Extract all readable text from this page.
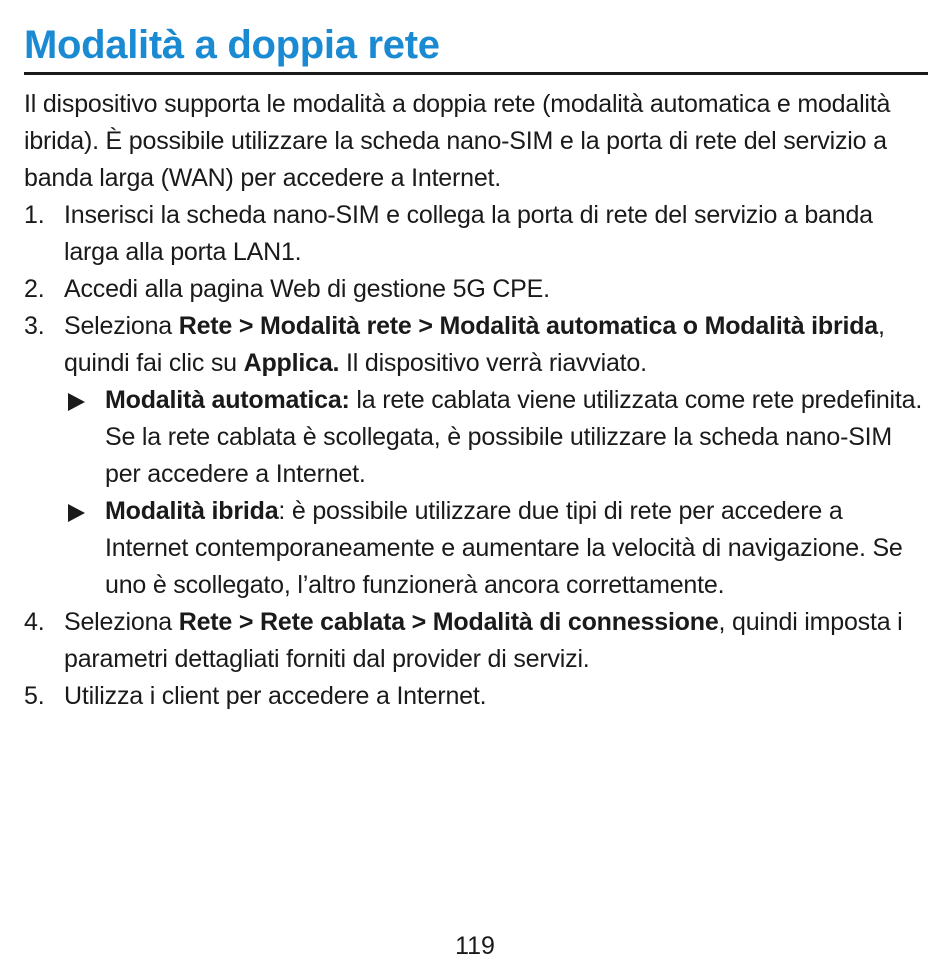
Modalità a doppia rete

Il dispositivo supporta le modalità a doppia rete (modalità automatica e modalità ibrida). È possibile utilizzare la scheda nano-SIM e la porta di rete del servizio a banda larga (WAN) per accedere a Internet.

1. Inserisci la scheda nano-SIM e collega la porta di rete del servizio a banda larga alla porta LAN1.
2. Accedi alla pagina Web di gestione 5G CPE.
3. Seleziona Rete > Modalità rete > Modalità automatica o Modalità ibrida, quindi fai clic su Applica. Il dispositivo verrà riavviato.
Modalità automatica: la rete cablata viene utilizzata come rete predefinita. Se la rete cablata è scollegata, è possibile utilizzare la scheda nano-SIM per accedere a Internet.
Modalità ibrida: è possibile utilizzare due tipi di rete per accedere a Internet contemporaneamente e aumentare la velocità di navigazione. Se uno è scollegato, l’altro funzionerà ancora correttamente.
4. Seleziona Rete > Rete cablata > Modalità di connessione, quindi imposta i parametri dettagliati forniti dal provider di servizi.
5. Utilizza i client per accedere a Internet.
119
